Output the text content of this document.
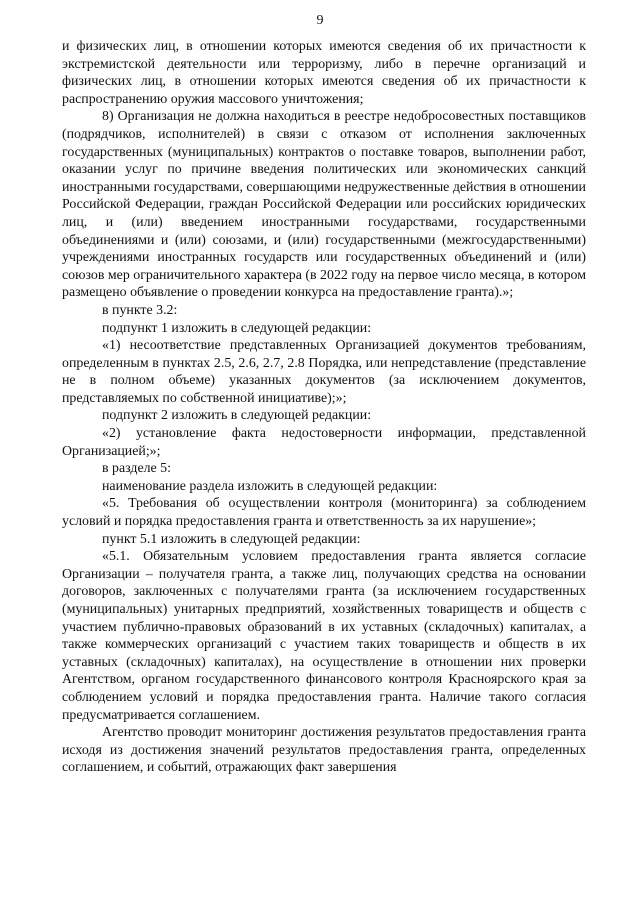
9

и физических лиц, в отношении которых имеются сведения об их причастности к экстремистской деятельности или терроризму, либо в перечне организаций и физических лиц, в отношении которых имеются сведения об их причастности к распространению оружия массового уничтожения;

8) Организация не должна находиться в реестре недобросовестных поставщиков (подрядчиков, исполнителей) в связи с отказом от исполнения заключенных государственных (муниципальных) контрактов о поставке товаров, выполнении работ, оказании услуг по причине введения политических или экономических санкций иностранными государствами, совершающими недружественные действия в отношении Российской Федерации, граждан Российской Федерации или российских юридических лиц, и (или) введением иностранными государствами, государственными объединениями и (или) союзами, и (или) государственными (межгосударственными) учреждениями иностранных государств или государственных объединений и (или) союзов мер ограничительного характера (в 2022 году на первое число месяца, в котором размещено объявление о проведении конкурса на предоставление гранта).»;

в пункте 3.2:

подпункт 1 изложить в следующей редакции:

«1) несоответствие представленных Организацией документов требованиям, определенным в пунктах 2.5, 2.6, 2.7, 2.8 Порядка, или непредставление (представление не в полном объеме) указанных документов (за исключением документов, представляемых по собственной инициативе);»;

подпункт 2 изложить в следующей редакции:

«2) установление факта недостоверности информации, представленной Организацией;»;

в разделе 5:

наименование раздела изложить в следующей редакции:

«5. Требования об осуществлении контроля (мониторинга) за соблюдением условий и порядка предоставления гранта и ответственность за их нарушение»;

пункт 5.1 изложить в следующей редакции:

«5.1. Обязательным условием предоставления гранта является согласие Организации – получателя гранта, а также лиц, получающих средства на основании договоров, заключенных с получателями гранта (за исключением государственных (муниципальных) унитарных предприятий, хозяйственных товариществ и обществ с участием публично-правовых образований в их уставных (складочных) капиталах, а также коммерческих организаций с участием таких товариществ и обществ в их уставных (складочных) капиталах), на осуществление в отношении них проверки Агентством, органом государственного финансового контроля Красноярского края за соблюдением условий и порядка предоставления гранта. Наличие такого согласия предусматривается соглашением.

Агентство проводит мониторинг достижения результатов предоставления гранта исходя из достижения значений результатов предоставления гранта, определенных соглашением, и событий, отражающих факт завершения
